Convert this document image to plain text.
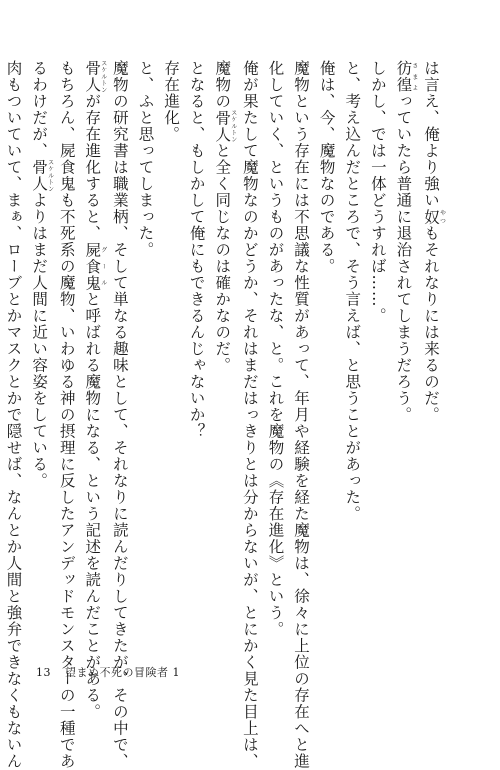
は言え、俺より強い奴やつもそれなりには来るのだ。
彷徨さまよっていたら普通に退治されてしまうだろう。
しかし、では一体どうすれば……。
と、考え込んだところで、そう言えば、と思うことがあった。
俺は、今、魔物なのである。
魔物という存在には不思議な性質があって、年月や経験を経た魔物は、徐々に上位の存在へと進
化していく、というものがあったな、と。これを魔物の《存在進化》という。
俺が果たして魔物なのかどうか、それはまだはっきりとは分からないが、とにかく見た目上は、
魔物の骨人スケルトンと全く同じなのは確かなのだ。
となると、もしかして俺にもできるんじゃないか？
存在進化。
と、ふと思ってしまった。
魔物の研究書は職業柄、そして単なる趣味として、それなりに読んだりしてきたが、その中で、
骨人スケルトンが存在進化すると、屍食鬼グールと呼ばれる魔物になる、という記述を読んだことがある。
もちろん、屍食鬼も不死系の魔物、いわゆる神の摂理に反したアンデッドモンスターの一種であ
るわけだが、骨人スケルトンよりはまだ人間に近い容姿をしている。
肉もついていて、まぁ、ローブとかマスクとかで隠せば、なんとか人間と強弁できなくもないん 13 望まぬ不死の冒険者 1
